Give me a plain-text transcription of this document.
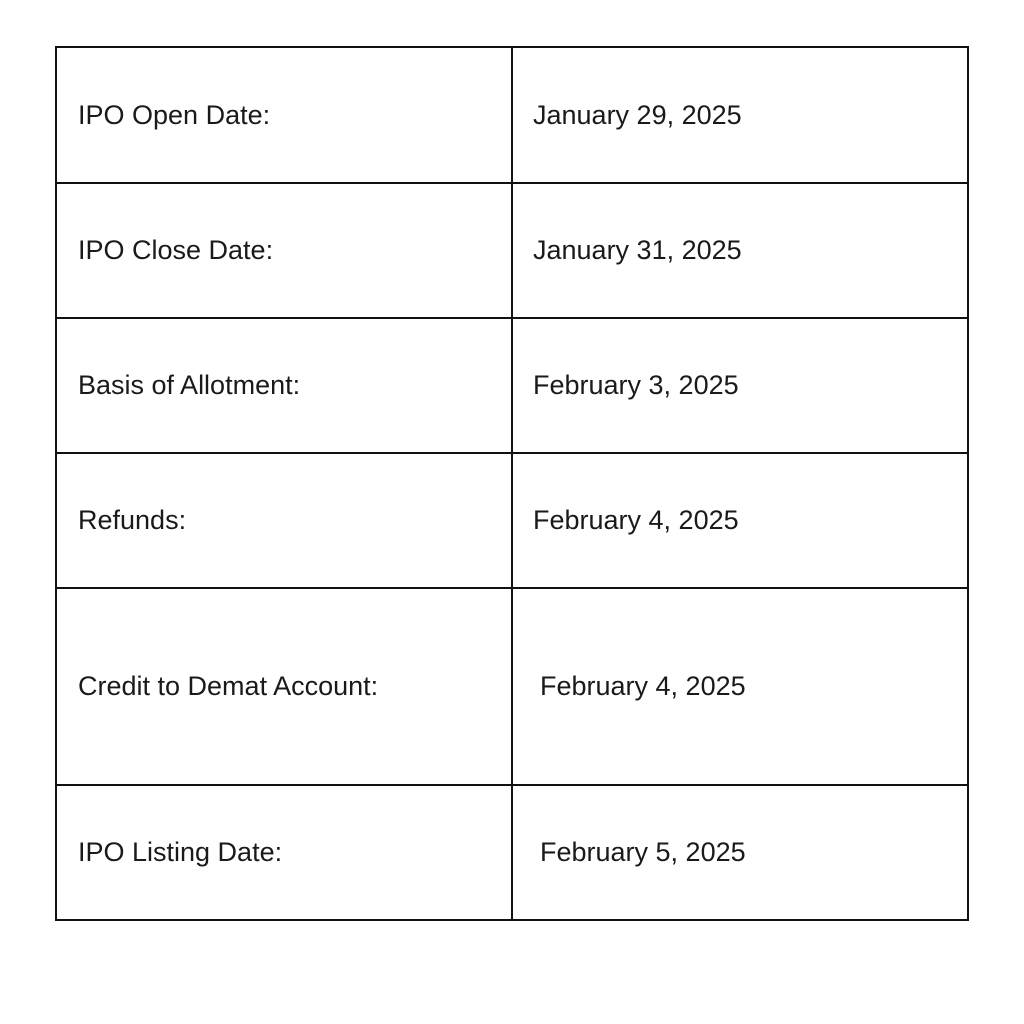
IPO Open Date:	January 29, 2025
IPO Close Date:	January 31, 2025
Basis of Allotment:	February 3, 2025
Refunds:	February 4, 2025
Credit to Demat Account:	February 4, 2025
IPO Listing Date:	February 5, 2025
